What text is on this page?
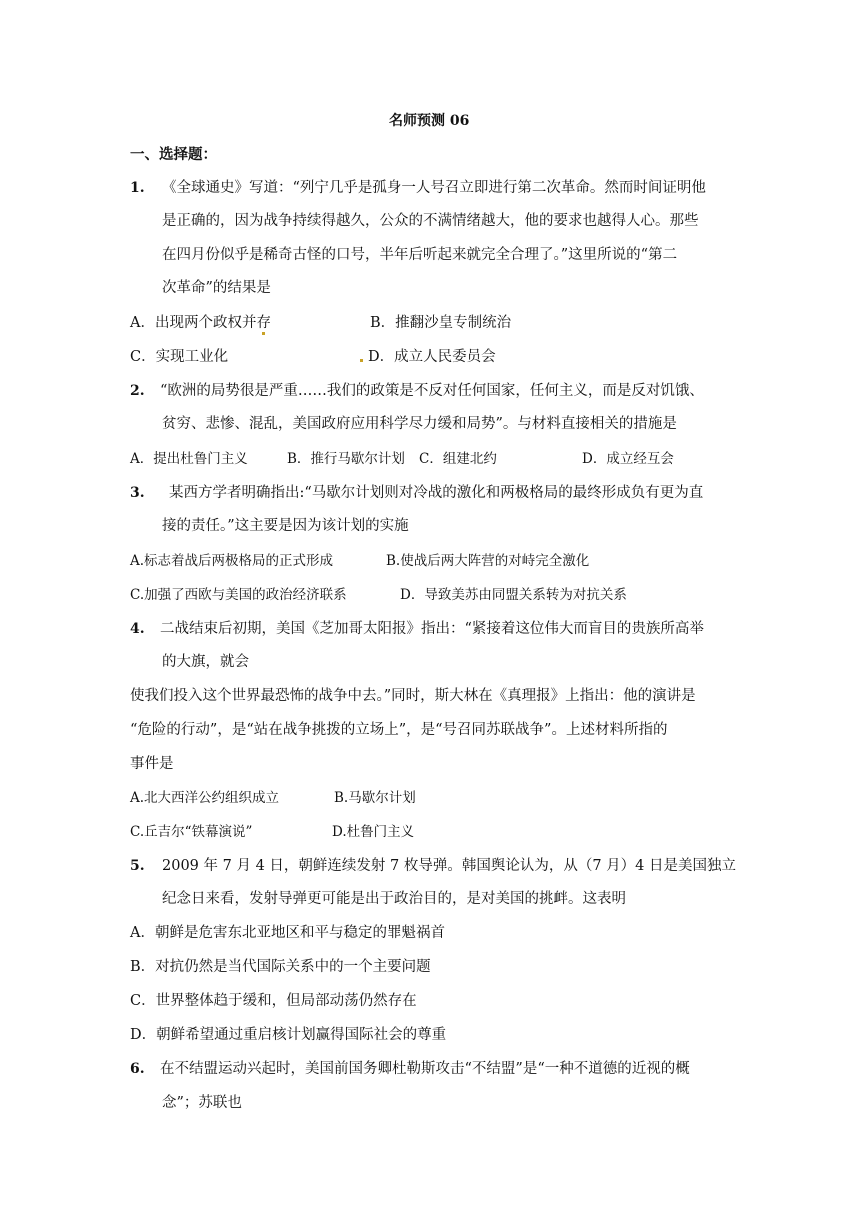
名师预测 06
一、选择题：
1. 《全球通史》写道：“列宁几乎是孤身一人号召立即进行第二次革命。然而时间证明他
是正确的，因为战争持续得越久，公众的不满情绪越大，他的要求也越得人心。那些
在四月份似乎是稀奇古怪的口号，半年后听起来就完全合理了。”这里所说的“第二
次革命”的结果是
A．出现两个政权并存	B．推翻沙皇专制统治
C．实现工业化	D．成立人民委员会
2. “欧洲的局势很是严重……我们的政策是不反对任何国家，任何主义，而是反对饥饿、
贫穷、悲惨、混乱，美国政府应用科学尽力缓和局势”。与材料直接相关的措施是
A．提出杜鲁门主义	B．推行马歇尔计划 C．组建北约	D．成立经互会
3. 某西方学者明确指出:“马歇尔计划则对冷战的激化和两极格局的最终形成负有更为直
接的责任。”这主要是因为该计划的实施
A.标志着战后两极格局的正式形成	B.使战后两大阵营的对峙完全激化
C.加强了西欧与美国的政治经济联系	D．导致美苏由同盟关系转为对抗关系
4. 二战结束后初期，美国《芝加哥太阳报》指出：“紧接着这位伟大而盲目的贵族所高举
的大旗，就会
使我们投入这个世界最恐怖的战争中去。”同时，斯大林在《真理报》上指出：他的演讲是
“危险的行动”，是“站在战争挑拨的立场上”，是“号召同苏联战争”。上述材料所指的
事件是
A.北大西洋公约组织成立	B.马歇尔计划
C.丘吉尔“铁幕演说”	D.杜鲁门主义
5. 2009 年 7 月 4 日，朝鲜连续发射 7 枚导弹。韩国舆论认为，从（7 月）4 日是美国独立
纪念日来看，发射导弹更可能是出于政治目的，是对美国的挑衅。这表明
A．朝鲜是危害东北亚地区和平与稳定的罪魁祸首
B．对抗仍然是当代国际关系中的一个主要问题
C．世界整体趋于缓和，但局部动荡仍然存在
D．朝鲜希望通过重启核计划赢得国际社会的尊重
6. 在不结盟运动兴起时，美国前国务卿杜勒斯攻击“不结盟”是“一种不道德的近视的概
念”；苏联也
